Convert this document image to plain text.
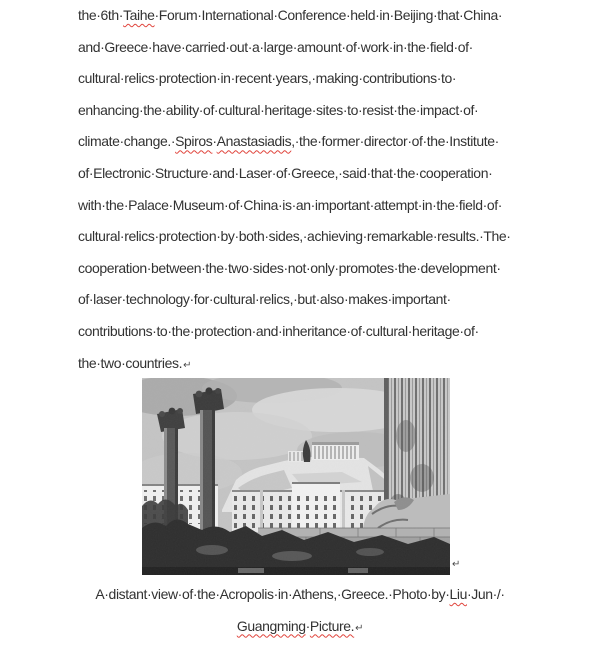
the·6th·Taihe·Forum·International·Conference·held·in·Beijing·that·China·
and·Greece·have·carried·out·a·large·amount·of·work·in·the·field·of·
cultural·relics·protection·in·recent·years,·making·contributions·to·
enhancing·the·ability·of·cultural·heritage·sites·to·resist·the·impact·of·
climate·change.·Spiros·Anastasiadis,·the·former·director·of·the·Institute·
of·Electronic·Structure·and·Laser·of·Greece,·said·that·the·cooperation·
with·the·Palace·Museum·of·China·is·an·important·attempt·in·the·field·of·
cultural·relics·protection·by·both·sides,·achieving·remarkable·results.·The·
cooperation·between·the·two·sides·not·only·promotes·the·development·
of·laser·technology·for·cultural·relics,·but·also·makes·important·
contributions·to·the·protection·and·inheritance·of·cultural·heritage·of·
the·two·countries.↵
↵
A·distant·view·of·the·Acropolis·in·Athens,·Greece.·Photo·by·Liu·Jun·/·
Guangming·Picture.↵
